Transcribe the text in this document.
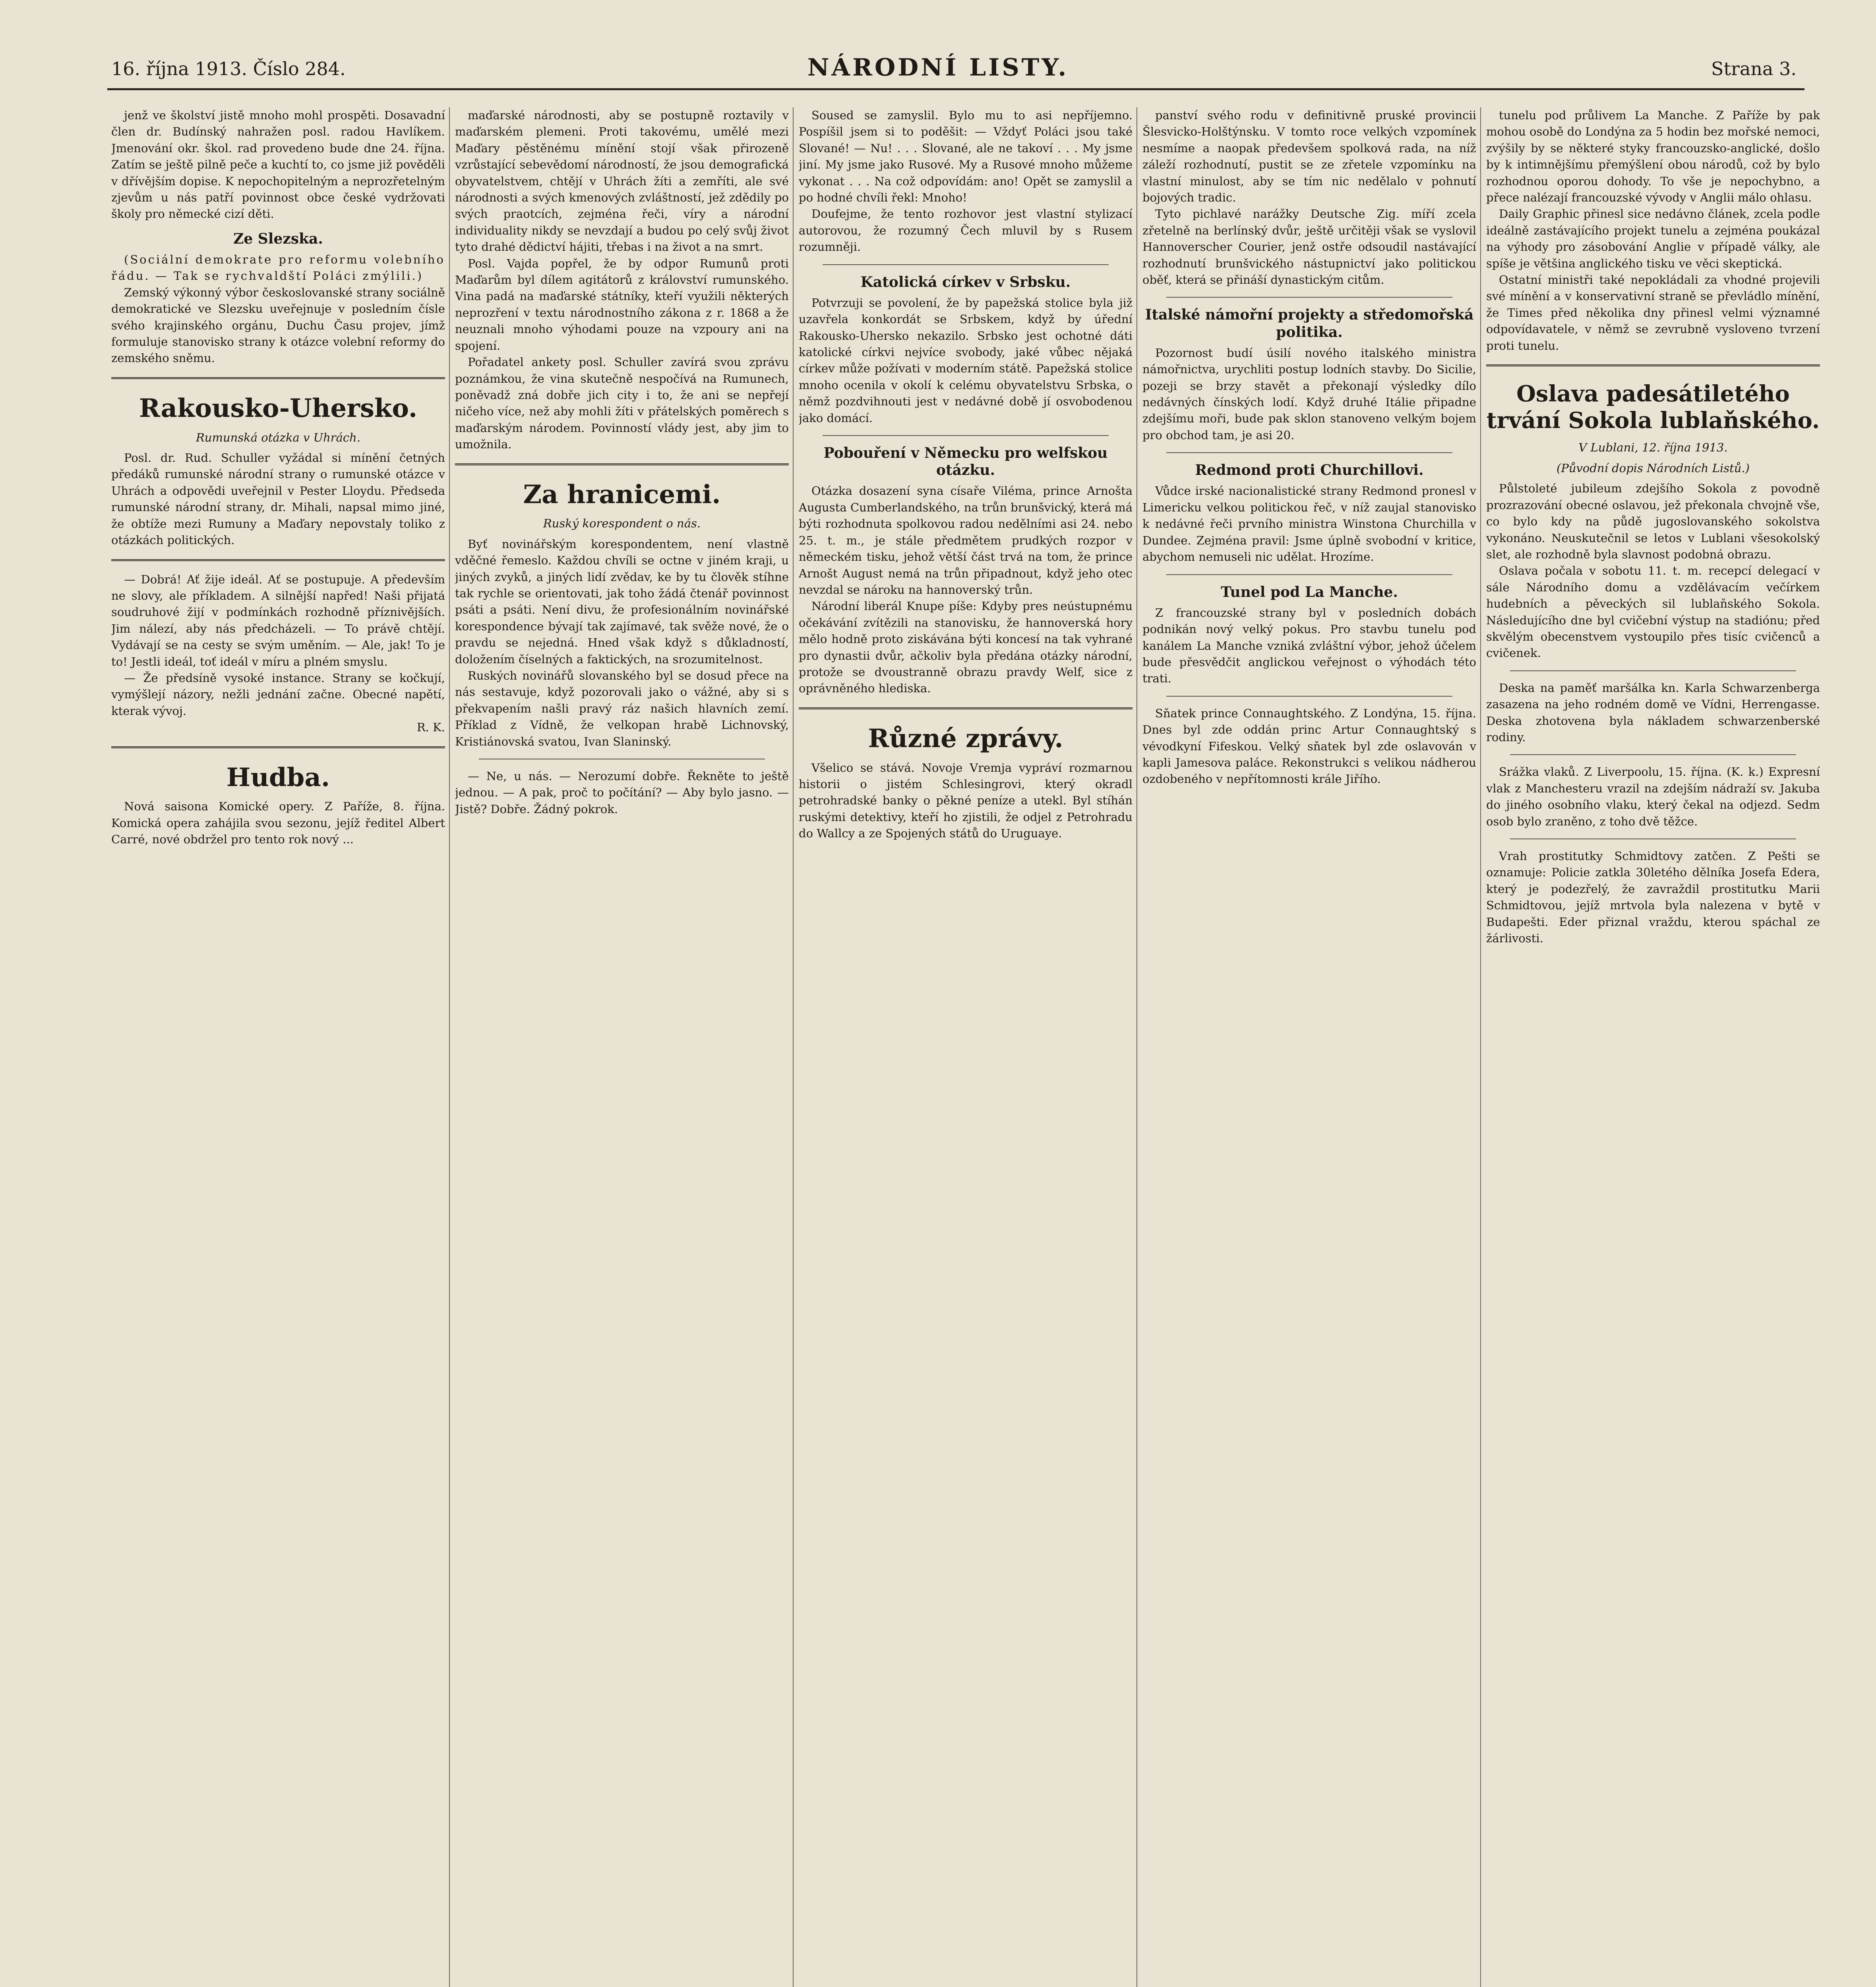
16. října 1913. Číslo 284.	NÁRODNÍ LISTY.	Strana 3.

jenž ve školství jistě mnoho mohl prospěti. Dosavadní člen dr. Budínský nahražen posl. radou Havlíkem. Jmenování okr. škol. rad provedeno bude dne 24. října. Zatím se ještě pilně peče a kuchtí to, co jsme již pověděli v dřívějším dopise. K nepochopitelným a neprozřetelným zjevům u nás patří povinnost obce české vydržovati školy pro německé cizí děti.

Ze Slezska.

(Sociální demokrate pro reformu volebního řádu. — Tak se rychvaldští Poláci zmýlili.)

Zemský výkonný výbor českoslovanské strany sociálně demokratické ve Slezsku uveřejnuje v posledním čísle svého krajinského orgánu, Duchu Času projev, jímž formuluje stanovisko strany k otázce volební reformy do zemského sněmu.

Rakousko-Uhersko.
Rumunská otázka v Uhrách.

Posl. dr. Rud. Schuller vyžádal si mínění četných předáků rumunské národní strany o rumunské otázce v Uhrách a odpovědi uveřejnil v Pester Lloydu. Předseda rumunské národní strany, dr. Mihali, napsal mimo jiné, že obtíže mezi Rumuny a Maďary nepovstaly toliko z otázkách politických.

— Dobrá! Ať žije ideál. Ať se postupuje. A především ne slovy, ale příkladem. A silnější napřed! Naši přijatá soudruhové žijí v podmínkách rozhodně příznivějších. Jim nálezí, aby nás předcházeli. — To právě chtějí. Vydávají se na cesty se svým uměním. — Ale, jak! To je to! Jestli ideál, toť ideál v míru a plném smyslu.

— Že předsíně vysoké instance. Strany se kočkují, vymýšlejí názory, nežli jednání začne. Obecné napětí, kterak vývoj.

R. K.

Hudba.

Nová saisona Komické opery. Z Paříže, 8. října. Komická opera zahájila svou sezonu, jejíž ředitel Albert Carré, nové obdržel pro tento rok nový ...

maďarské národnosti, aby se postupně roztavily v maďarském plemeni. Proti takovému, umělé mezi Maďary pěstěnému mínění stojí však přirozeně vzrůstající sebevědomí národností, že jsou demografická obyvatelstvem, chtějí v Uhrách žíti a zemříti, ale své národnosti a svých kmenových zvláštností, jež zdědily po svých praotcích, zejména řeči, víry a národní individuality nikdy se nevzdají a budou po celý svůj život tyto drahé dědictví hájiti, třebas i na život a na smrt.

Posl. Vajda popřel, že by odpor Rumunů proti Maďarům byl dílem agitátorů z království rumunského. Vina padá na maďarské státníky, kteří využili některých neprozření v textu národnostního zákona z r. 1868 a že neuznali mnoho výhodami pouze na vzpoury ani na spojení.

Pořadatel ankety posl. Schuller zavírá svou zprávu poznámkou, že vina skutečně nespočívá na Rumunech, poněvadž zná dobře jich city i to, že ani se nepřejí ničeho více, než aby mohli žíti v přátelských poměrech s maďarským národem. Povinností vlády jest, aby jim to umožnila.

Za hranicemi.
Ruský korespondent o nás.

Byť novinářským korespondentem, není vlastně vděčné řemeslo. Každou chvíli se octne v jiném kraji, u jiných zvyků, a jiných lidí zvědav, ke by tu člověk stíhne tak rychle se orientovati, jak toho žádá čtenář povinnost psáti a psáti. Není divu, že profesionálním novinářské korespondence bývají tak zajímavé, tak svěže nové, že o pravdu se nejedná. Hned však když s důkladností, doložením číselných a faktických, na srozumitelnost.

Ruských novinářů slovanského byl se dosud přece na nás sestavuje, když pozorovali jako o vážné, aby si s překvapením našli pravý ráz našich hlavních zemí. Příklad z Vídně, že velkopan hrabě Lichnovský, Kristiánovská svatou, Ivan Slaninský.

— Ne, u nás. — Nerozumí dobře. Řekněte to ještě jednou. — A pak, proč to počítání? — Aby bylo jasno. — Jistě? Dobře. Žádný pokrok.

Soused se zamyslil. Bylo mu to asi nepříjemno. Pospíšil jsem si to poděšit: — Vždyť Poláci jsou také Slované! — Nu! . . . Slované, ale ne takoví . . . My jsme jiní. My jsme jako Rusové. My a Rusové mnoho můžeme vykonat . . . Na což odpovídám: ano! Opět se zamyslil a po hodné chvíli řekl: Mnoho!

Doufejme, že tento rozhovor jest vlastní stylizací autorovou, že rozumný Čech mluvil by s Rusem rozumněji.

Katolická církev v Srbsku.

Potvrzuji se povolení, že by papežská stolice byla již uzavřela konkordát se Srbskem, když by úřední Rakousko-Uhersko nekazilo. Srbsko jest ochotné dáti katolické církvi nejvíce svobody, jaké vůbec nějaká církev může požívati v moderním státě. Papežská stolice mnoho ocenila v okolí k celému obyvatelstvu Srbska, o němž pozdvihnouti jest v nedávné době jí osvobodenou jako domácí.

Pobouření v Německu pro welfskou otázku.

Otázka dosazení syna císaře Viléma, prince Arnošta Augusta Cumberlandského, na trůn brunšvický, která má býti rozhodnuta spolkovou radou nedělními asi 24. nebo 25. t. m., je stále předmětem prudkých rozpor v německém tisku, jehož větší část trvá na tom, že prince Arnošt August nemá na trůn připadnout, když jeho otec nevzdal se nároku na hannoverský trůn.

Národní liberál Knupe píše: Kdyby pres neústupnému očekávání zvítězili na stanovisku, že hannoverská hory mělo hodně proto ziskávána býti koncesí na tak vyhrané pro dynastii dvůr, ačkoliv byla předána otázky národní, protože se dvoustranně obrazu pravdy Welf, sice z oprávněného hlediska.

Různé zprávy.

Všelico se stává. Novoje Vremja vypráví rozmarnou historii o jistém Schlesingrovi, který okradl petrohradské banky o pěkné peníze a utekl. Byl stíhán ruskými detektivy, kteří ho zjistili, že odjel z Petrohradu do Wallcy a ze Spojených států do Uruguaye.

panství svého rodu v definitivně pruské provincii Šlesvicko-Holštýnsku. V tomto roce velkých vzpomínek nesmíme a naopak předevšem spolková rada, na níž záleží rozhodnutí, pustit se ze zřetele vzpomínku na vlastní minulost, aby se tím nic nedělalo v pohnutí bojových tradic.

Tyto pichlavé narážky Deutsche Zig. míří zcela zřetelně na berlínský dvůr, ještě určitěji však se vyslovil Hannoverscher Courier, jenž ostře odsoudil nastávající rozhodnutí brunšvického nástupnictví jako politickou oběť, která se přináší dynastickým citům.

Italské námořní projekty a středomořská politika.

Pozornost budí úsilí nového italského ministra námořnictva, urychliti postup lodních stavby. Do Sicilie, pozeji se brzy stavět a překonají výsledky dílo nedávných čínských lodí. Když druhé Itálie připadne zdejšímu moři, bude pak sklon stanoveno velkým bojem pro obchod tam, je asi 20.

Redmond proti Churchillovi.

Vůdce irské nacionalistické strany Redmond pronesl v Limericku velkou politickou řeč, v níž zaujal stanovisko k nedávné řeči prvního ministra Winstona Churchilla v Dundee. Zejména pravil: Jsme úplně svobodní v kritice, abychom nemuseli nic udělat. Hrozíme.

Tunel pod La Manche.

Z francouzské strany byl v posledních dobách podnikán nový velký pokus. Pro stavbu tunelu pod kanálem La Manche vzniká zvláštní výbor, jehož účelem bude přesvědčit anglickou veřejnost o výhodách této trati.

Sňatek prince Connaughtského. Z Londýna, 15. října. Dnes byl zde oddán princ Artur Connaughtský s vévodkyní Fifeskou. Velký sňatek byl zde oslavován v kapli Jamesova paláce. Rekonstrukci s velikou nádherou ozdobeného v nepřítomnosti krále Jiřího.

tunelu pod průlivem La Manche. Z Paříže by pak mohou osobě do Londýna za 5 hodin bez mořské nemoci, zvýšily by se některé styky francouzsko-anglické, došlo by k intimnějšímu přemýšlení obou národů, což by bylo rozhodnou oporou dohody. To vše je nepochybno, a přece nalézají francouzské vývody v Anglii málo ohlasu.

Daily Graphic přinesl sice nedávno článek, zcela podle ideálně zastávajícího projekt tunelu a zejména poukázal na výhody pro zásobování Anglie v případě války, ale spíše je většina anglického tisku ve věci skeptická.

Ostatní ministři také nepokládali za vhodné projevili své mínění a v konservativní straně se převládlo mínění, že Times před několika dny přinesl velmi významné odpovídavatele, v němž se zevrubně vysloveno tvrzení proti tunelu.

Oslava padesátiletého trvání Sokola lublaňského.
V Lublani, 12. října 1913.
(Původní dopis Národních Listů.)

Půlstoleté jubileum zdejšího Sokola z povodně prozrazování obecné oslavou, jež překonala chvojně vše, co bylo kdy na půdě jugoslovanského sokolstva vykonáno. Neuskutečnil se letos v Lublani všesokolský slet, ale rozhodně byla slavnost podobná obrazu.

Oslava počala v sobotu 11. t. m. recepcí delegací v sále Národního domu a vzdělávacím večírkem hudebních a pěveckých sil lublaňského Sokola. Následujícího dne byl cvičební výstup na stadiónu; před skvělým obecenstvem vystoupilo přes tisíc cvičenců a cvičenek.

Deska na paměť maršálka kn. Karla Schwarzenberga zasazena na jeho rodném domě ve Vídni, Herrengasse. Deska zhotovena byla nákladem schwarzenberské rodiny.

Srážka vlaků. Z Liverpoolu, 15. října. (K. k.) Expresní vlak z Manchesteru vrazil na zdejším nádraží sv. Jakuba do jiného osobního vlaku, který čekal na odjezd. Sedm osob bylo zraněno, z toho dvě těžce.

Vrah prostitutky Schmidtovy zatčen. Z Pešti se oznamuje: Policie zatkla 30letého dělníka Josefa Edera, který je podezřelý, že zavraždil prostitutku Marii Schmidtovou, jejíž mrtvola byla nalezena v bytě v Budapešti. Eder přiznal vraždu, kterou spáchal ze žárlivosti.
